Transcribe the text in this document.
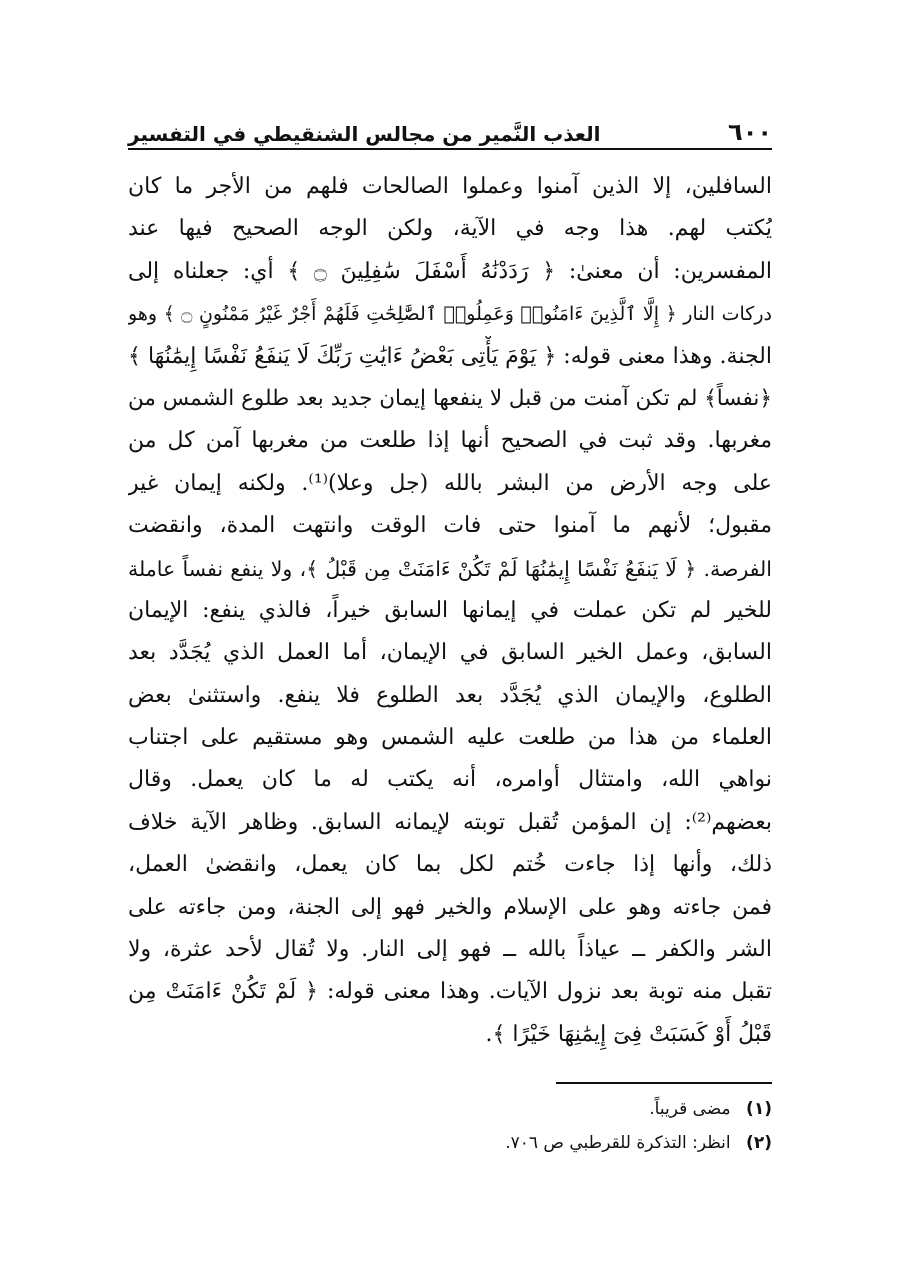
٦٠٠
العذب النَّمير من مجالس الشنقيطي في التفسير
السافلين، إلا الذين آمنوا وعملوا الصالحات فلهم من الأجر ما كان
يُكتب لهم. هذا وجه في الآية، ولكن الوجه الصحيح فيها عند
المفسرين: أن معنىٰ: ﴿ رَدَدْنَٰهُ أَسْفَلَ سَٰفِلِينَ ۝ ﴾ أي: جعلناه إلى
دركات النار ﴿ إِلَّا ٱلَّذِينَ ءَامَنُوا۟ وَعَمِلُوا۟ ٱلصَّٰلِحَٰتِ فَلَهُمْ أَجْرٌ غَيْرُ مَمْنُونٍ ۝ ﴾ وهو
الجنة. وهذا معنى قوله: ﴿ يَوْمَ يَأْتِى بَعْضُ ءَايَٰتِ رَبِّكَ لَا يَنفَعُ نَفْسًا إِيمَٰنُهَا ﴾
﴿نفساً﴾ لم تكن آمنت من قبل لا ينفعها إيمان جديد بعد طلوع الشمس من
مغربها. وقد ثبت في الصحيح أنها إذا طلعت من مغربها آمن كل من
على وجه الأرض من البشر بالله (جل وعلا)⁽¹⁾. ولكنه إيمان غير
مقبول؛ لأنهم ما آمنوا حتى فات الوقت وانتهت المدة، وانقضت
الفرصة. ﴿ لَا يَنفَعُ نَفْسًا إِيمَٰنُهَا لَمْ تَكُنْ ءَامَنَتْ مِن قَبْلُ ﴾، ولا ينفع نفساً عاملة
للخير لم تكن عملت في إيمانها السابق خيراً، فالذي ينفع: الإيمان
السابق، وعمل الخير السابق في الإيمان، أما العمل الذي يُجَدَّد بعد
الطلوع، والإيمان الذي يُجَدَّد بعد الطلوع فلا ينفع. واستثنىٰ بعض
العلماء من هذا من طلعت عليه الشمس وهو مستقيم على اجتناب
نواهي الله، وامتثال أوامره، أنه يكتب له ما كان يعمل. وقال
بعضهم⁽²⁾: إن المؤمن تُقبل توبته لإيمانه السابق. وظاهر الآية خلاف
ذلك، وأنها إذا جاءت خُتم لكل بما كان يعمل، وانقضىٰ العمل،
فمن جاءته وهو على الإسلام والخير فهو إلى الجنة، ومن جاءته على
الشر والكفر ــ عياذاً بالله ــ فهو إلى النار. ولا تُقال لأحد عثرة، ولا
تقبل منه توبة بعد نزول الآيات. وهذا معنى قوله: ﴿ لَمْ تَكُنْ ءَامَنَتْ مِن
قَبْلُ أَوْ كَسَبَتْ فِىٓ إِيمَٰنِهَا خَيْرًا ﴾.
(١) مضى قريباً.
(٢) انظر: التذكرة للقرطبي ص ٧٠٦.
